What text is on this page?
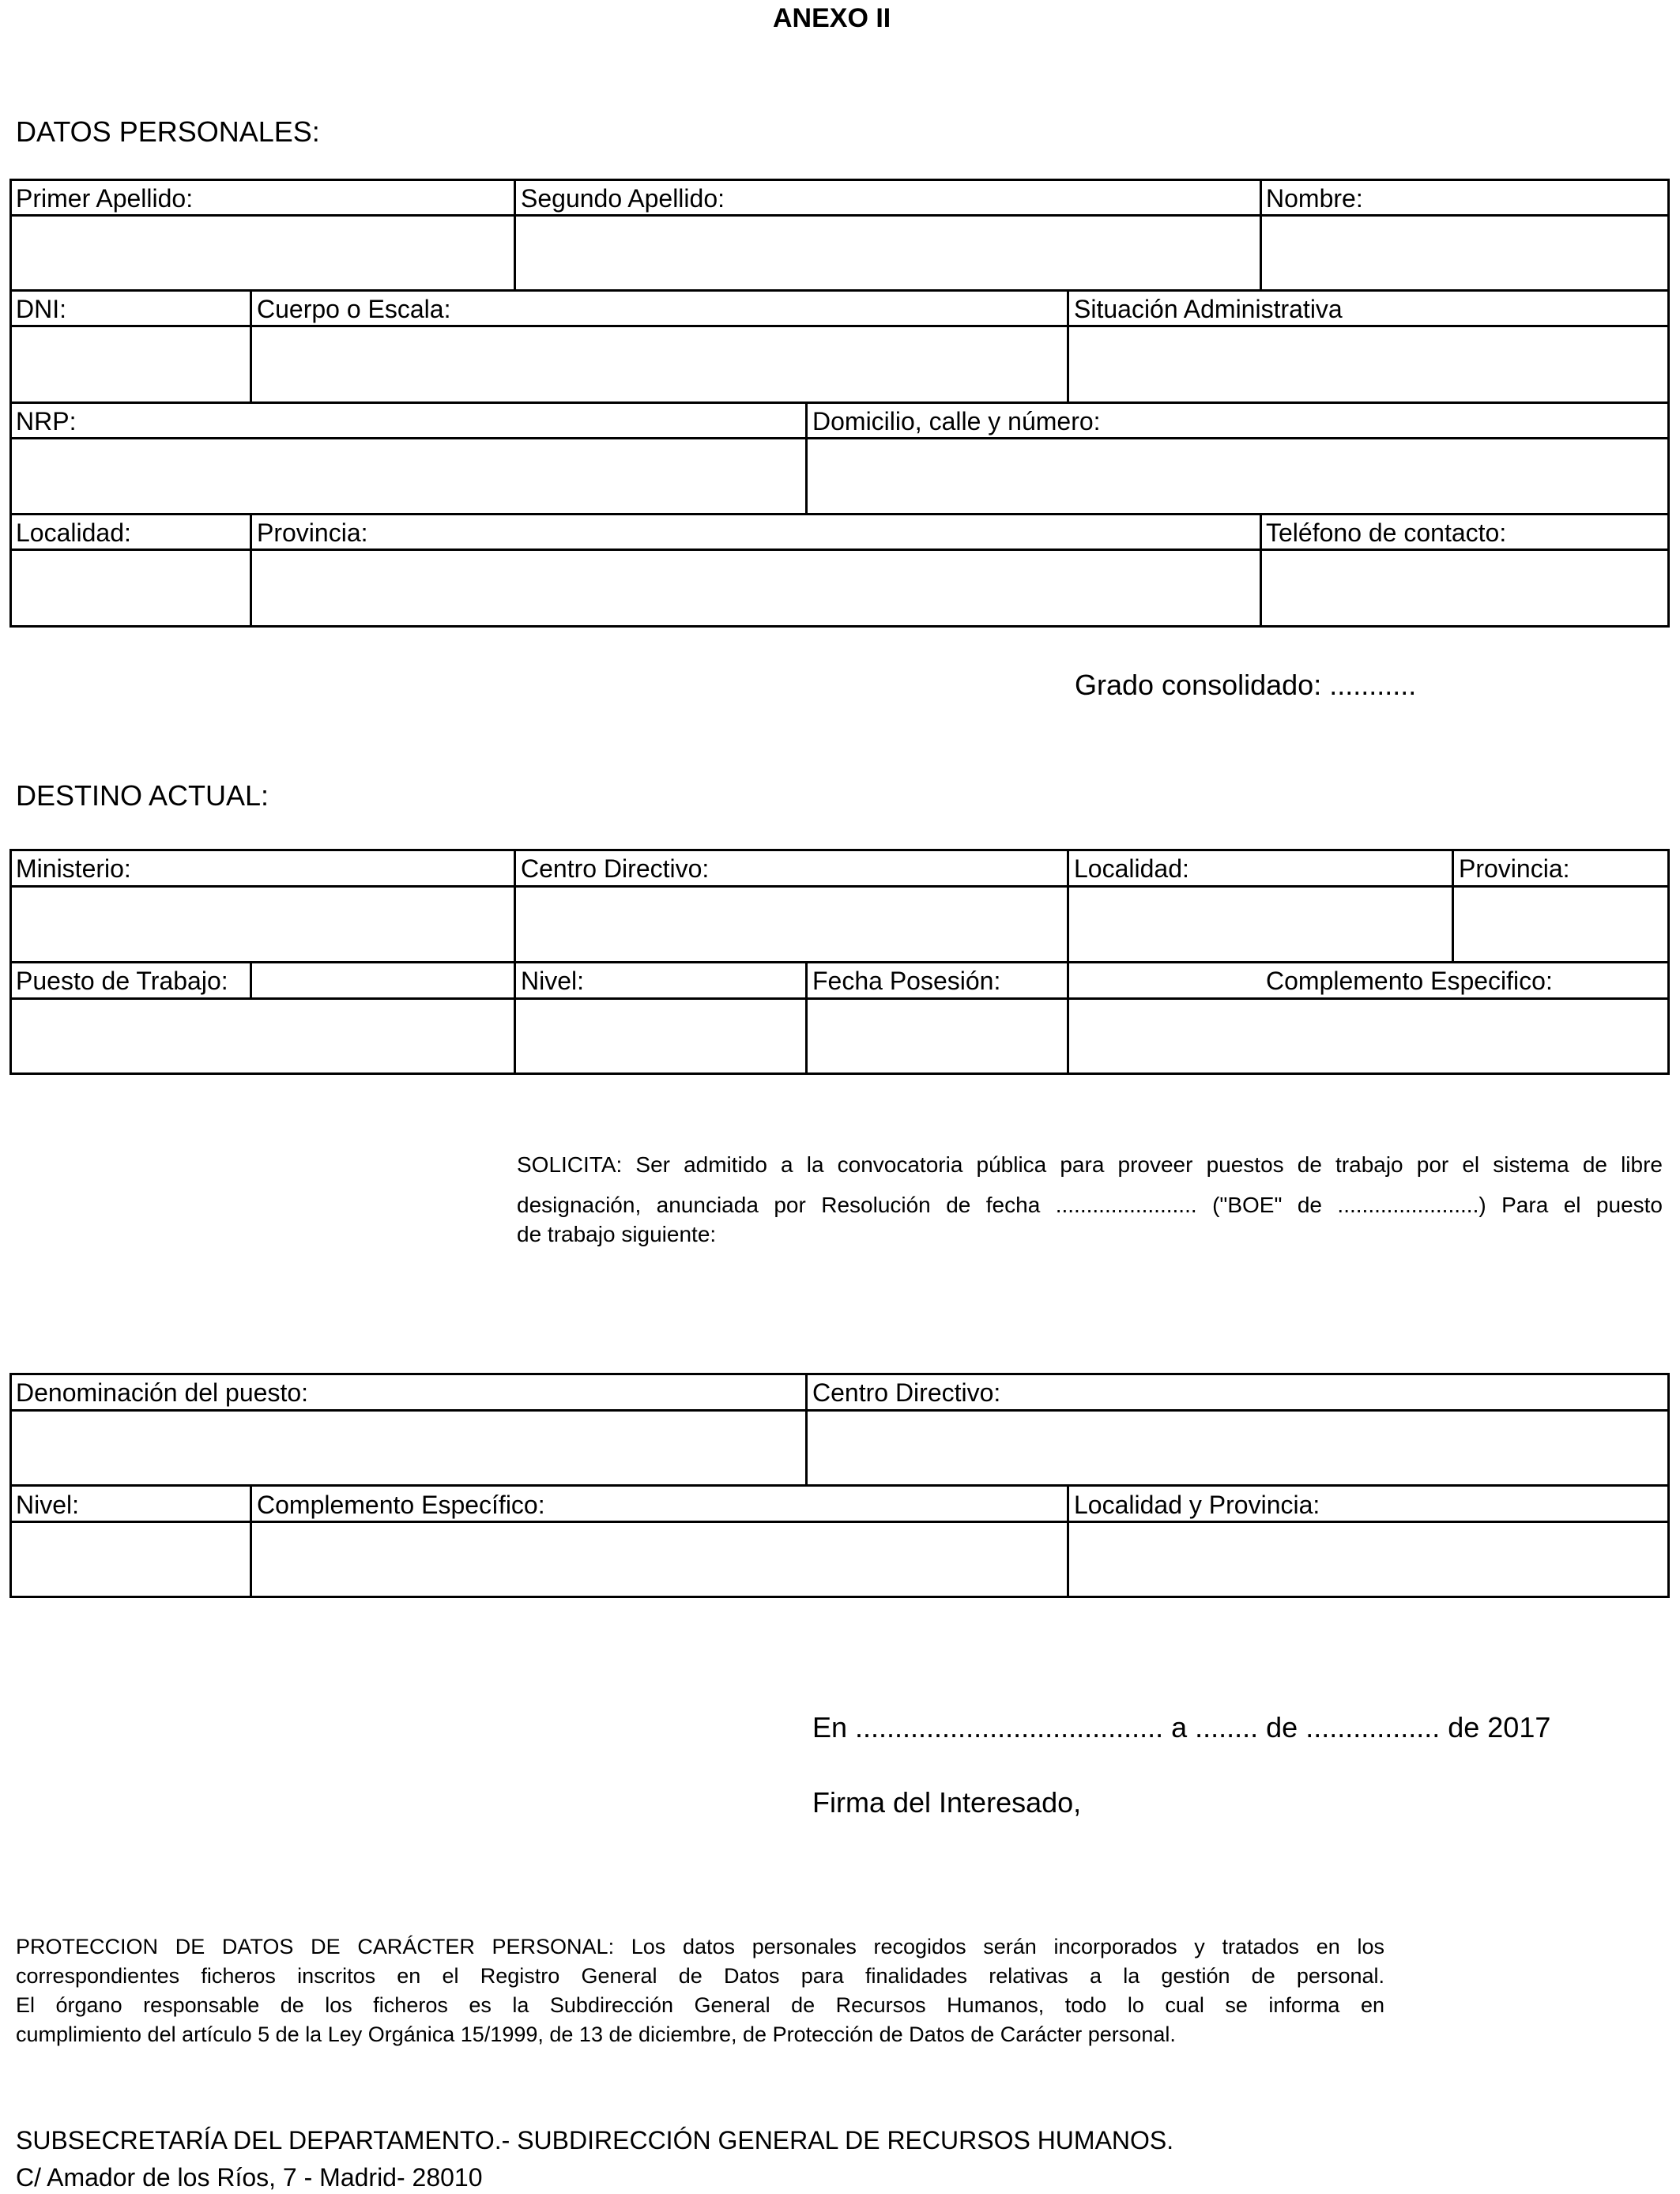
ANEXO II
DATOS PERSONALES:
Primer Apellido:	Segundo Apellido:	Nombre:
DNI:	Cuerpo o Escala:	Situación Administrativa
NRP:	Domicilio, calle y número:
Localidad:	Provincia:	Teléfono de contacto:
Grado consolidado: ...........
DESTINO ACTUAL:
Ministerio:	Centro Directivo:	Localidad:	Provincia:
Puesto de Trabajo:	Nivel:	Fecha Posesión:	Complemento Especifico:
SOLICITA: Ser admitido a la convocatoria pública para proveer puestos de trabajo por el sistema de libre
designación, anunciada por Resolución de fecha ....................... ("BOE" de .......................) Para el puesto
de trabajo siguiente:
Denominación del puesto:	Centro Directivo:
Nivel:	Complemento Específico:	Localidad y Provincia:
En ....................................... a ........ de ................. de 2017
Firma del Interesado,
PROTECCION DE DATOS DE CARÁCTER PERSONAL: Los datos personales recogidos serán incorporados y tratados en los
correspondientes ficheros inscritos en el Registro General de Datos para finalidades relativas a la gestión de personal.
El órgano responsable de los ficheros es la Subdirección General de Recursos Humanos, todo lo cual se informa en
cumplimiento del artículo 5 de la Ley Orgánica 15/1999, de 13 de diciembre, de Protección de Datos de Carácter personal.
SUBSECRETARÍA DEL DEPARTAMENTO.- SUBDIRECCIÓN GENERAL DE RECURSOS HUMANOS.
C/ Amador de los Ríos, 7 - Madrid- 28010
